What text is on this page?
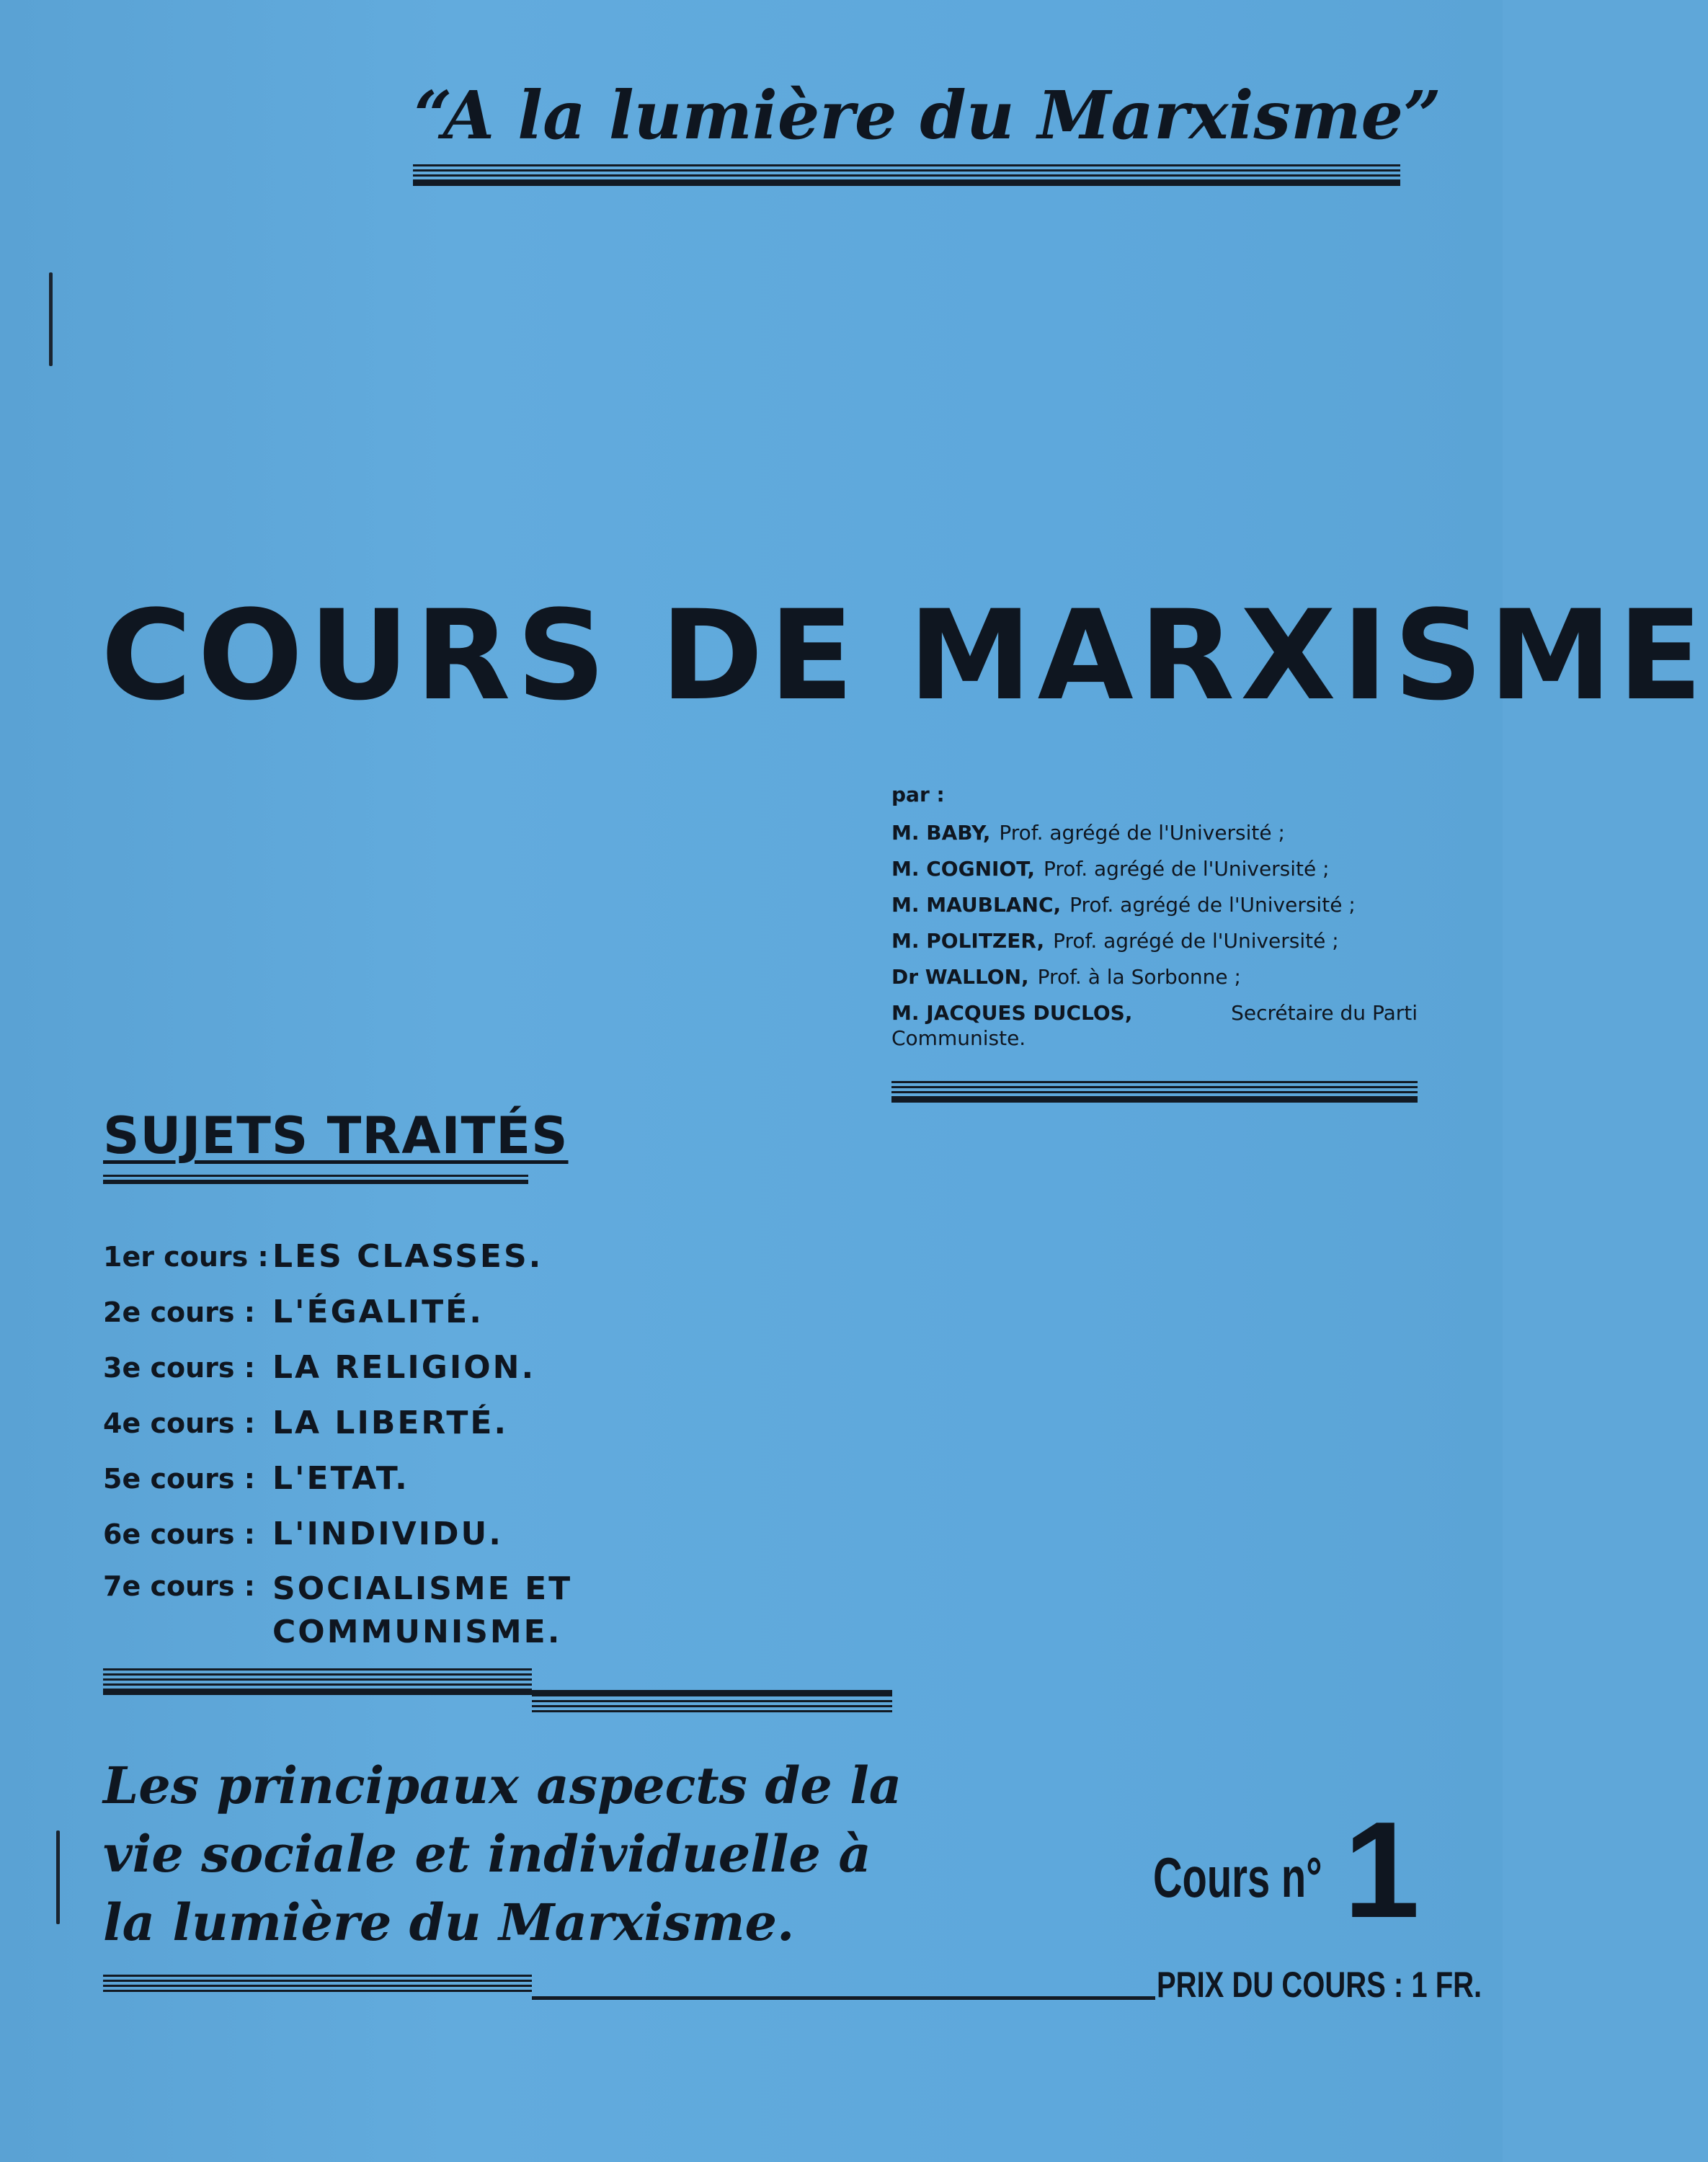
“A la lumière du Marxisme”
COURS DE MARXISME
par :
M. BABY, Prof. agrégé de l'Université ;
M. COGNIOT, Prof. agrégé de l'Université ;
M. MAUBLANC, Prof. agrégé de l'Université ;
M. POLITZER, Prof. agrégé de l'Université ;
Dr WALLON, Prof. à la Sorbonne ;
M. JACQUES DUCLOS,	Secrétaire du Parti
Communiste.
SUJETS TRAITÉS
1er cours : LES CLASSES.
2e cours : L'ÉGALITÉ.
3e cours : LA RELIGION.
4e cours : LA LIBERTÉ.
5e cours : L'ETAT.
6e cours : L'INDIVIDU.
7e cours : SOCIALISME ET
COMMUNISME.
Les principaux aspects de la vie sociale et individuelle à la lumière du Marxisme.
Cours n° 1
PRIX DU COURS : 1 FR.
